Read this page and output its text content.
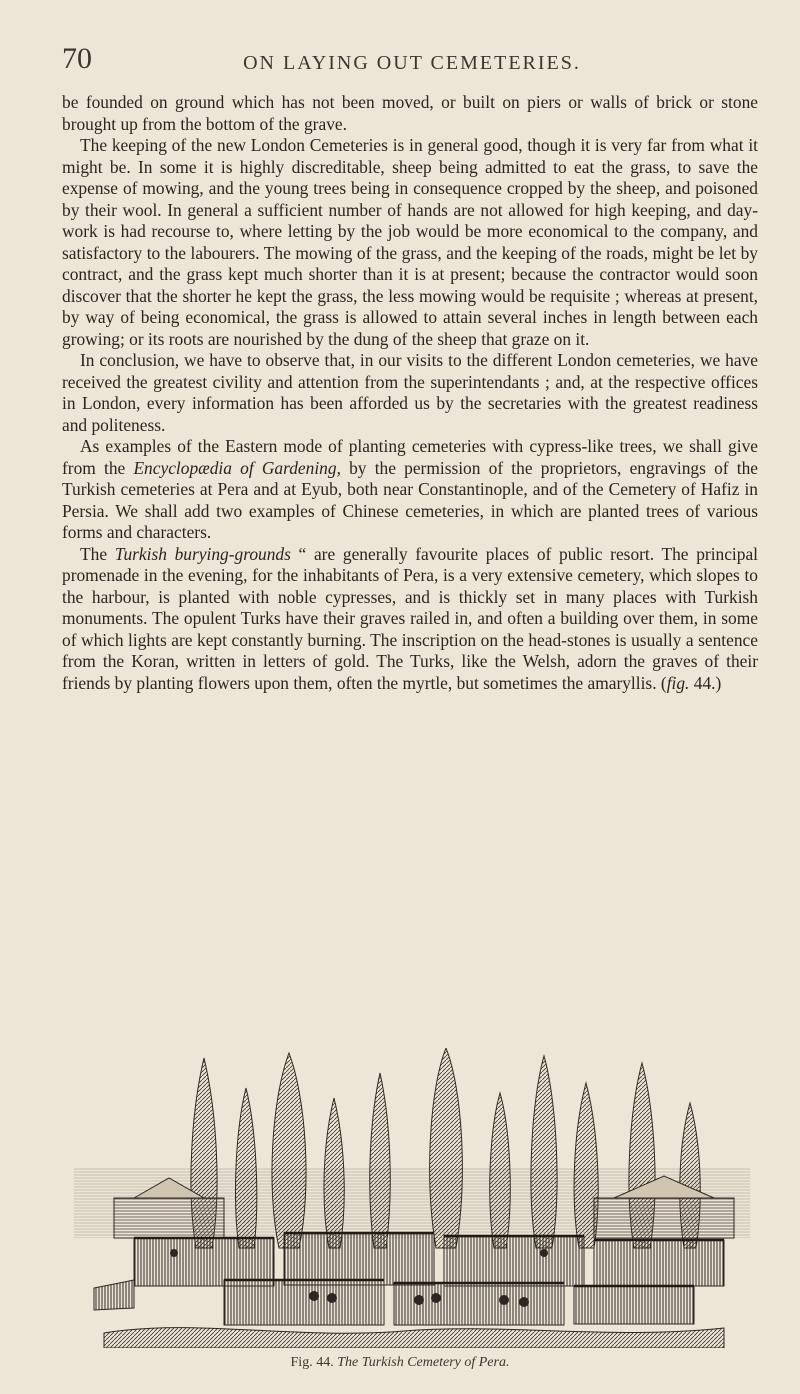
70	ON LAYING OUT CEMETERIES.

be founded on ground which has not been moved, or built on piers or walls of brick or stone brought up from the bottom of the grave.

The keeping of the new London Cemeteries is in general good, though it is very far from what it might be. In some it is highly discreditable, sheep being admitted to eat the grass, to save the expense of mowing, and the young trees being in consequence cropped by the sheep, and poisoned by their wool. In general a sufficient number of hands are not allowed for high keeping, and day-work is had recourse to, where letting by the job would be more economical to the company, and satisfactory to the labourers. The mowing of the grass, and the keeping of the roads, might be let by contract, and the grass kept much shorter than it is at present; because the contractor would soon discover that the shorter he kept the grass, the less mowing would be requisite ; whereas at present, by way of being economical, the grass is allowed to attain several inches in length between each growing; or its roots are nourished by the dung of the sheep that graze on it.

In conclusion, we have to observe that, in our visits to the different London cemeteries, we have received the greatest civility and attention from the superintendants ; and, at the respective offices in London, every information has been afforded us by the secretaries with the greatest readiness and politeness.

As examples of the Eastern mode of planting cemeteries with cypress-like trees, we shall give from the Encyclopædia of Gardening, by the permission of the proprietors, engravings of the Turkish cemeteries at Pera and at Eyub, both near Constantinople, and of the Cemetery of Hafiz in Persia. We shall add two examples of Chinese cemeteries, in which are planted trees of various forms and characters.

The Turkish burying-grounds “ are generally favourite places of public resort. The principal promenade in the evening, for the inhabitants of Pera, is a very extensive cemetery, which slopes to the harbour, is planted with noble cypresses, and is thickly set in many places with Turkish monuments. The opulent Turks have their graves railed in, and often a building over them, in some of which lights are kept constantly burning. The inscription on the head-stones is usually a sentence from the Koran, written in letters of gold. The Turks, like the Welsh, adorn the graves of their friends by planting flowers upon them, often the myrtle, but sometimes the amaryllis. (fig. 44.)

Fig. 44. The Turkish Cemetery of Pera.
